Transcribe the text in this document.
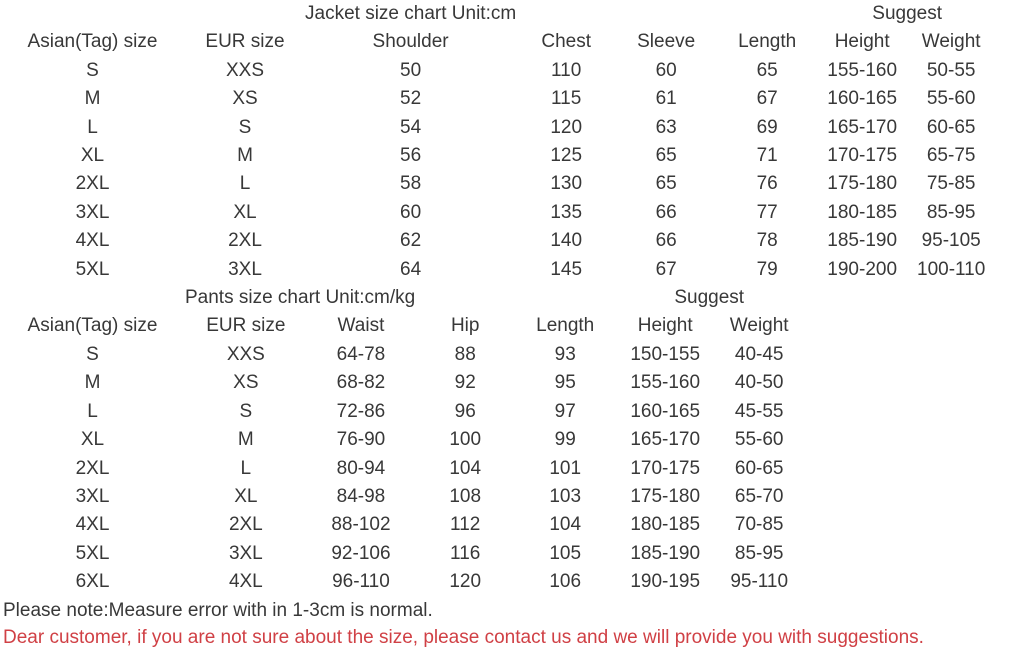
		Jacket size chart Unit:cm				Suggest	
Asian(Tag) size	EUR size	Shoulder	Chest	Sleeve	Length	Height	Weight
S	XXS	50	110	60	65	155-160	50-55
M	XS	52	115	61	67	160-165	55-60
L	S	54	120	63	69	165-170	60-65
XL	M	56	125	65	71	170-175	65-75
2XL	L	58	130	65	76	175-180	75-85
3XL	XL	60	135	66	77	180-185	85-95
4XL	2XL	62	140	66	78	185-190	95-105
5XL	3XL	64	145	67	79	190-200	100-110
	Pants size chart Unit:cm/kg				Suggest	
Asian(Tag) size	EUR size	Waist	Hip	Length	Height	Weight
S	XXS	64-78	88	93	150-155	40-45
M	XS	68-82	92	95	155-160	40-50
L	S	72-86	96	97	160-165	45-55
XL	M	76-90	100	99	165-170	55-60
2XL	L	80-94	104	101	170-175	60-65
3XL	XL	84-98	108	103	175-180	65-70
4XL	2XL	88-102	112	104	180-185	70-85
5XL	3XL	92-106	116	105	185-190	85-95
6XL	4XL	96-110	120	106	190-195	95-110
Please note:Measure error with in 1-3cm is normal.
Dear customer, if you are not sure about the size, please contact us and we will provide you with suggestions.
